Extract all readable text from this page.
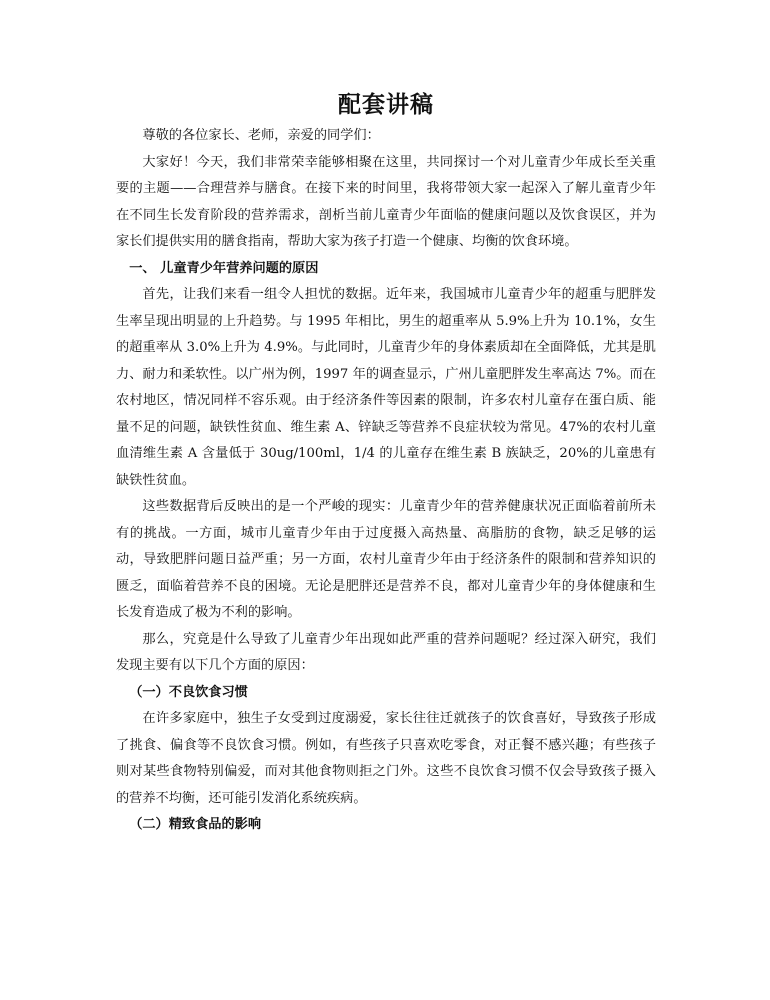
配套讲稿

尊敬的各位家长、老师，亲爱的同学们：

大家好！今天，我们非常荣幸能够相聚在这里，共同探讨一个对儿童青少年成长至关重要的主题——合理营养与膳食。在接下来的时间里，我将带领大家一起深入了解儿童青少年在不同生长发育阶段的营养需求，剖析当前儿童青少年面临的健康问题以及饮食误区，并为家长们提供实用的膳食指南，帮助大家为孩子打造一个健康、均衡的饮食环境。

一、 儿童青少年营养问题的原因

首先，让我们来看一组令人担忧的数据。近年来，我国城市儿童青少年的超重与肥胖发生率呈现出明显的上升趋势。与 1995 年相比，男生的超重率从 5.9%上升为 10.1%，女生的超重率从 3.0%上升为 4.9%。与此同时，儿童青少年的身体素质却在全面降低，尤其是肌力、耐力和柔软性。以广州为例，1997 年的调查显示，广州儿童肥胖发生率高达 7%。而在农村地区，情况同样不容乐观。由于经济条件等因素的限制，许多农村儿童存在蛋白质、能量不足的问题，缺铁性贫血、维生素 A、锌缺乏等营养不良症状较为常见。47%的农村儿童血清维生素 A 含量低于 30ug/100ml，1/4 的儿童存在维生素 B 族缺乏，20%的儿童患有缺铁性贫血。

这些数据背后反映出的是一个严峻的现实：儿童青少年的营养健康状况正面临着前所未有的挑战。一方面，城市儿童青少年由于过度摄入高热量、高脂肪的食物，缺乏足够的运动，导致肥胖问题日益严重；另一方面，农村儿童青少年由于经济条件的限制和营养知识的匮乏，面临着营养不良的困境。无论是肥胖还是营养不良，都对儿童青少年的身体健康和生长发育造成了极为不利的影响。

那么，究竟是什么导致了儿童青少年出现如此严重的营养问题呢？经过深入研究，我们发现主要有以下几个方面的原因：

（一）不良饮食习惯

在许多家庭中，独生子女受到过度溺爱，家长往往迁就孩子的饮食喜好，导致孩子形成了挑食、偏食等不良饮食习惯。例如，有些孩子只喜欢吃零食，对正餐不感兴趣；有些孩子则对某些食物特别偏爱，而对其他食物则拒之门外。这些不良饮食习惯不仅会导致孩子摄入的营养不均衡，还可能引发消化系统疾病。

（二）精致食品的影响
